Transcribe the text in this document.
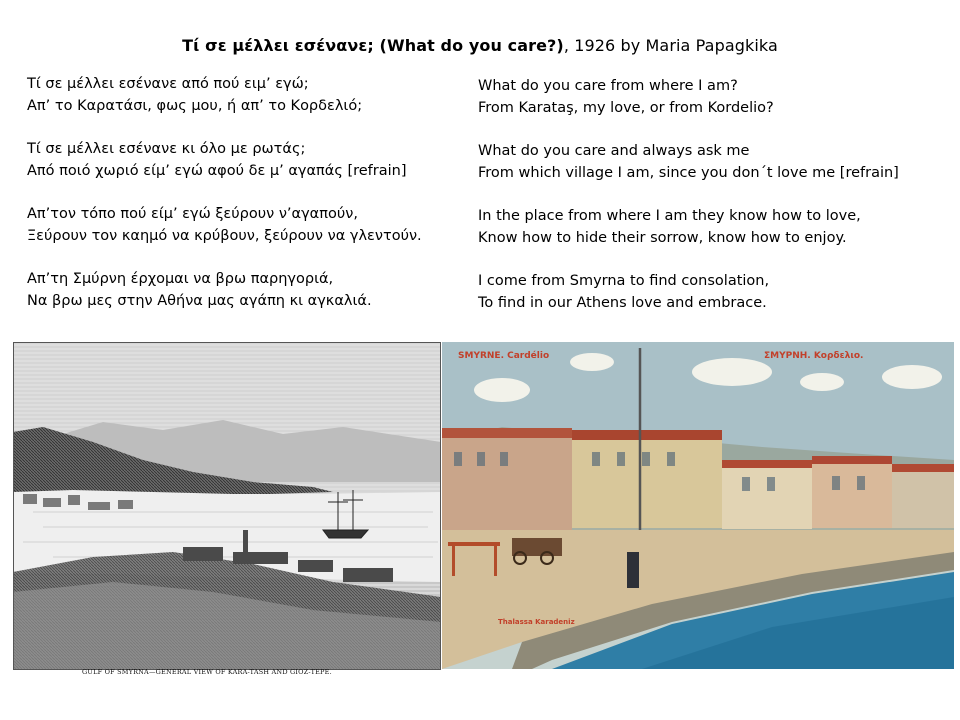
Τί σε μέλλει εσένανε; (What do you care?), 1926 by Maria Papagkika

Τί σε μέλλει εσένανε από πού ειμ’ εγώ;

Απ’ το Καρατάσι, φως μου, ή απ’ το Κορδελιό;

Τί σε μέλλει εσένανε κι όλο με ρωτάς;

Από ποιό χωριό είμ’ εγώ αφού δε μ’ αγαπάς [refrain]

Απ’τον τόπο πού είμ’ εγώ ξεύρουν ν’αγαπούν,

Ξεύρουν τον καημό να κρύβουν, ξεύρουν να γλεντούν.

Απ’τη Σμύρνη έρχομαι να βρω παρηγοριά,

Να βρω μες στην Αθήνα μας αγάπη κι αγκαλιά.

What do you care from where I am?

From Karataş, my love, or from Kordelio?

What do you care and always ask me

From which village I am, since you don´t love me [refrain]

In the place from where I am they know how to love,

Know how to hide their sorrow, know how to enjoy.

I come from Smyrna to find consolation,

To find in our Athens love and embrace.

SMYRNE. Cardélio	ΣΜΥΡΝΗ. Κορδελιο.
Thalassa Karadeniz
GULF OF SMYRNA—GENERAL VIEW OF KARA-TASH AND GIOZ-TEPE.
